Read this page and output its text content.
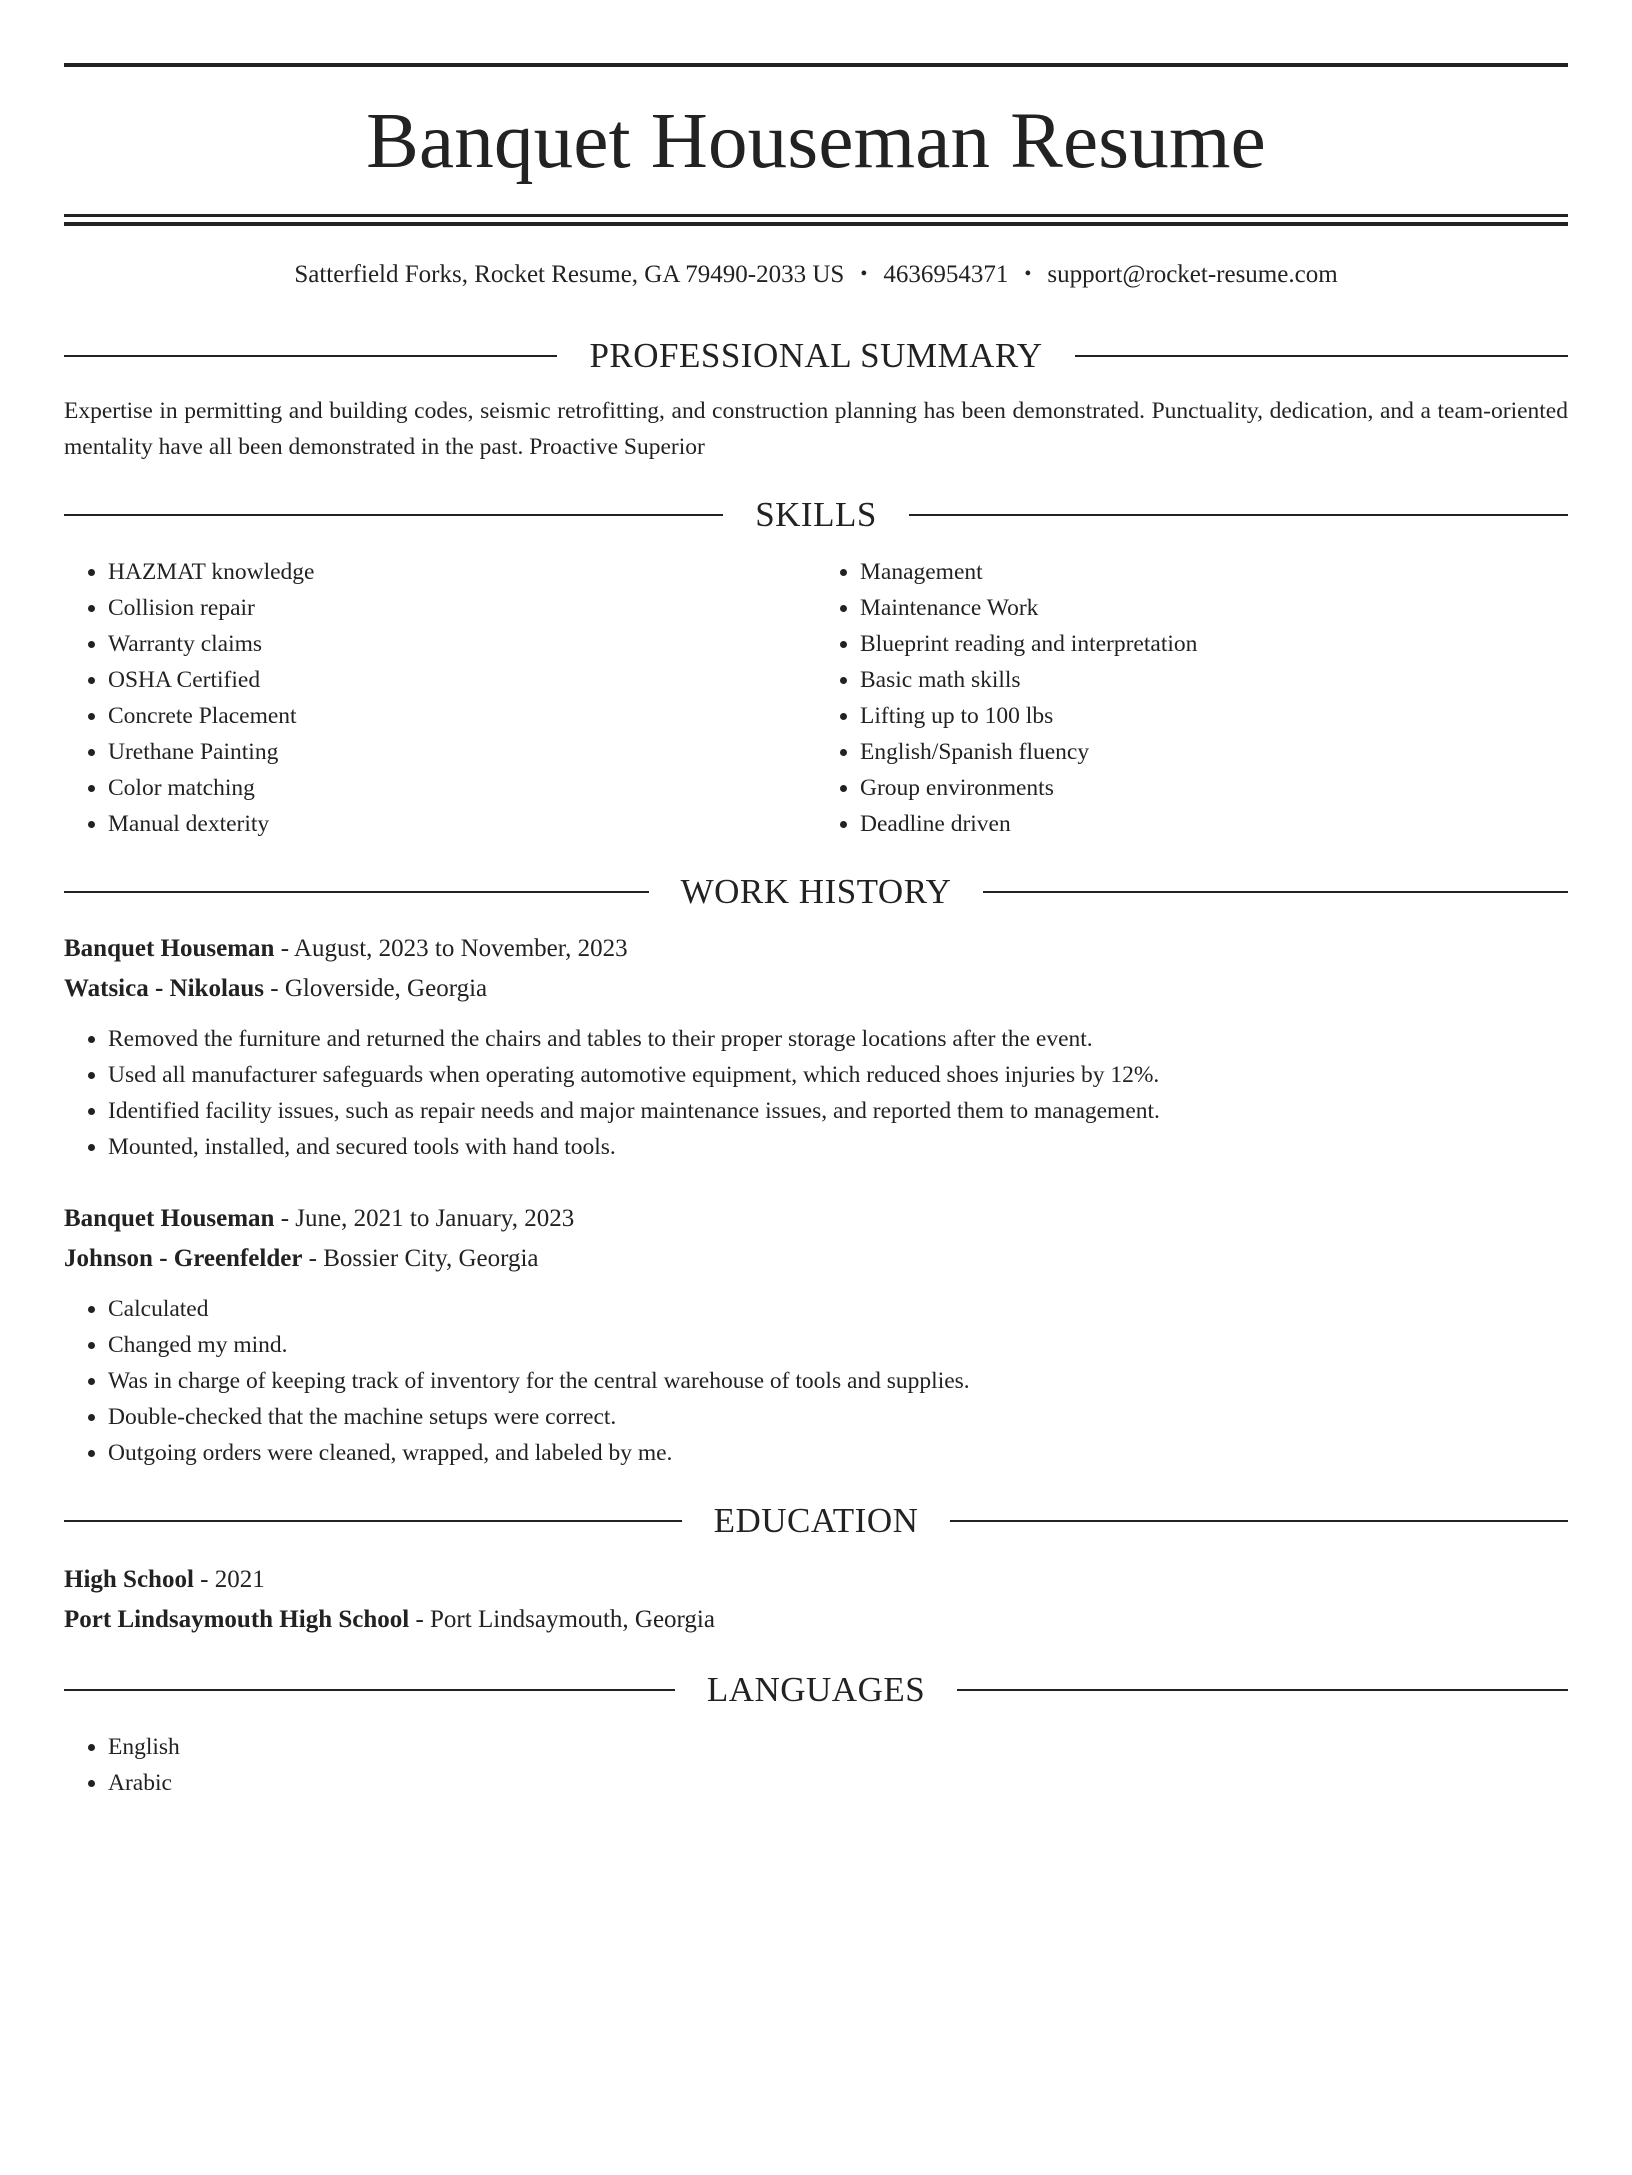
Banquet Houseman Resume
Satterfield Forks, Rocket Resume, GA 79490-2033 US • 4636954371 • support@rocket-resume.com
PROFESSIONAL SUMMARY
Expertise in permitting and building codes, seismic retrofitting, and construction planning has been demonstrated. Punctuality, dedication, and a team-oriented mentality have all been demonstrated in the past. Proactive Superior
SKILLS
• HAZMAT knowledge
• Collision repair
• Warranty claims
• OSHA Certified
• Concrete Placement
• Urethane Painting
• Color matching
• Manual dexterity
• Management
• Maintenance Work
• Blueprint reading and interpretation
• Basic math skills
• Lifting up to 100 lbs
• English/Spanish fluency
• Group environments
• Deadline driven
WORK HISTORY
Banquet Houseman - August, 2023 to November, 2023
Watsica - Nikolaus - Gloverside, Georgia
• Removed the furniture and returned the chairs and tables to their proper storage locations after the event.
• Used all manufacturer safeguards when operating automotive equipment, which reduced shoes injuries by 12%.
• Identified facility issues, such as repair needs and major maintenance issues, and reported them to management.
• Mounted, installed, and secured tools with hand tools.
Banquet Houseman - June, 2021 to January, 2023
Johnson - Greenfelder - Bossier City, Georgia
• Calculated
• Changed my mind.
• Was in charge of keeping track of inventory for the central warehouse of tools and supplies.
• Double-checked that the machine setups were correct.
• Outgoing orders were cleaned, wrapped, and labeled by me.
EDUCATION
High School - 2021
Port Lindsaymouth High School - Port Lindsaymouth, Georgia
LANGUAGES
• English
• Arabic
